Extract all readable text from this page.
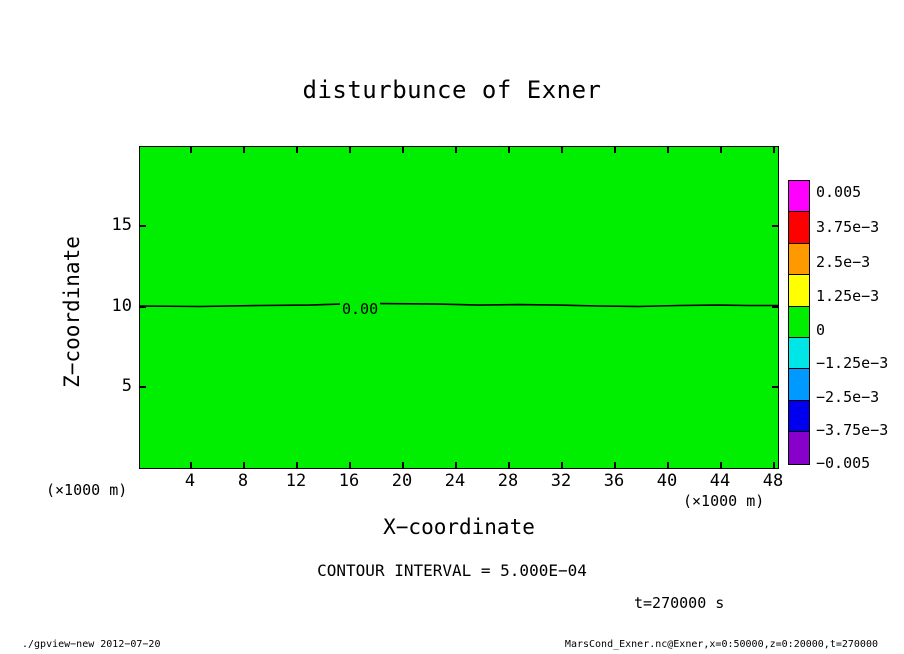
disturbunce of Exner
0.00
4	8 12 16 20 24 28 32 36 40 44 48
5
10
15
Z−coordinate
X−coordinate
(×1000 m)
(×1000 m)
CONTOUR INTERVAL = 5.000E−04
t=270000 s
0.005
3.75e−3
2.5e−3
1.25e−3
0
−1.25e−3
−2.5e−3
−3.75e−3
−0.005
./gpview−new 2012−07−20	MarsCond_Exner.nc@Exner,x=0:50000,z=0:20000,t=270000
